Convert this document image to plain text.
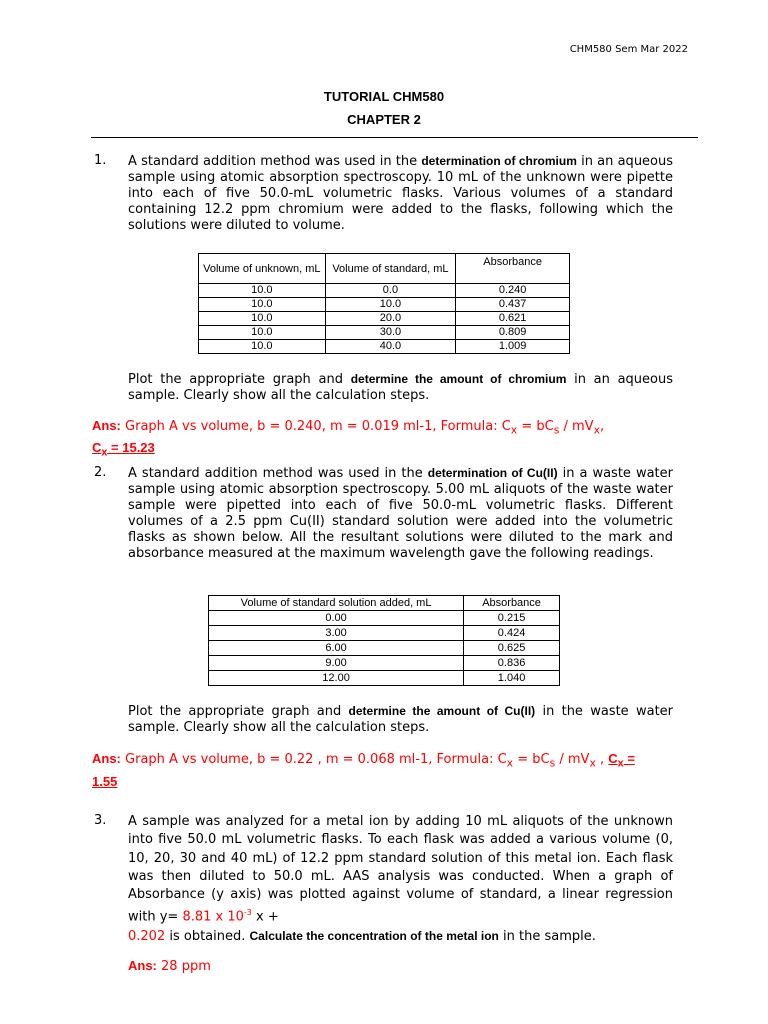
CHM580 Sem Mar 2022
TUTORIAL CHM580
CHAPTER 2
1. A standard addition method was used in the determination of chromium in an aqueous sample using atomic absorption spectroscopy. 10 mL of the unknown were pipette into each of five 50.0-mL volumetric flasks. Various volumes of a standard containing 12.2 ppm chromium were added to the flasks, following which the solutions were diluted to volume.
Volume of unknown, mL	Volume of standard, mL	Absorbance
10.0	0.0	0.240
10.0	10.0	0.437
10.0	20.0	0.621
10.0	30.0	0.809
10.0	40.0	1.009
Plot the appropriate graph and determine the amount of chromium in an aqueous sample. Clearly show all the calculation steps.
Ans: Graph A vs volume, b = 0.240, m = 0.019 ml-1, Formula: $C_x = bC_s / mV_x$,
$C_x = 15.23$
2. A standard addition method was used in the determination of Cu(II) in a waste water sample using atomic absorption spectroscopy. 5.00 mL aliquots of the waste water sample were pipetted into each of five 50.0-mL volumetric flasks. Different volumes of a 2.5 ppm Cu(II) standard solution were added into the volumetric flasks as shown below. All the resultant solutions were diluted to the mark and absorbance measured at the maximum wavelength gave the following readings.
Volume of standard solution added, mL	Absorbance
0.00	0.215
3.00	0.424
6.00	0.625
9.00	0.836
12.00	1.040
Plot the appropriate graph and determine the amount of Cu(II) in the waste water sample. Clearly show all the calculation steps.
Ans: Graph A vs volume, b = 0.22 , m = 0.068 ml-1, Formula: $C_x = bC_s / mV_x$ , $C_x$ =
1.55
3. A sample was analyzed for a metal ion by adding 10 mL aliquots of the unknown into five 50.0 mL volumetric flasks. To each flask was added a various volume (0, 10, 20, 30 and 40 mL) of 12.2 ppm standard solution of this metal ion. Each flask was then diluted to 50.0 mL. AAS analysis was conducted. When a graph of Absorbance (y axis) was plotted against volume of standard, a linear regression with y= 8.81 x $10^{-3}$ x +
0.202 is obtained. Calculate the concentration of the metal ion in the sample.
Ans: 28 ppm
